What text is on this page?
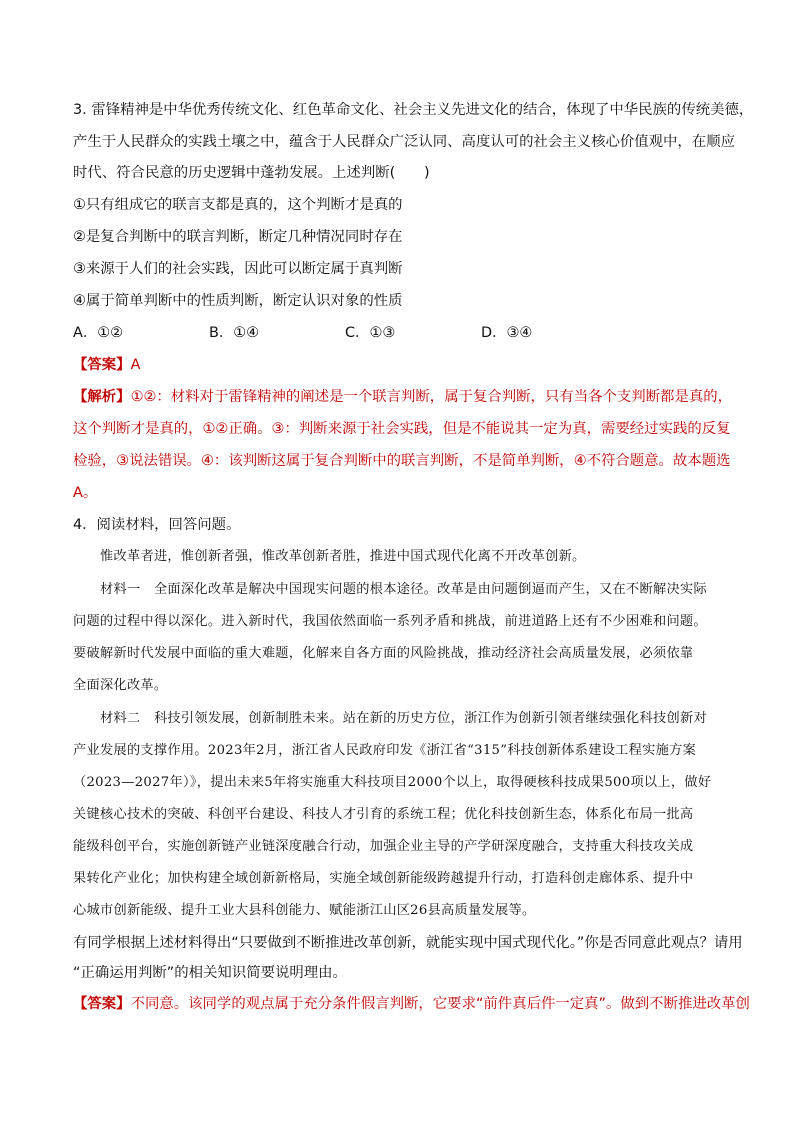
3. 雷锋精神是中华优秀传统文化、红色革命文化、社会主义先进文化的结合，体现了中华民族的传统美德，
产生于人民群众的实践土壤之中，蕴含于人民群众广泛认同、高度认可的社会主义核心价值观中，在顺应
时代、符合民意的历史逻辑中蓬勃发展。上述判断(　　)
①只有组成它的联言支都是真的，这个判断才是真的
②是复合判断中的联言判断，断定几种情况同时存在
③来源于人们的社会实践，因此可以断定属于真判断
④属于简单判断中的性质判断，断定认识对象的性质
A．①②	B．①④	C．①③	D．③④
【答案】A
【解析】①②：材料对于雷锋精神的阐述是一个联言判断，属于复合判断，只有当各个支判断都是真的，
这个判断才是真的，①②正确。③：判断来源于社会实践，但是不能说其一定为真，需要经过实践的反复
检验，③说法错误。④：该判断这属于复合判断中的联言判断，不是简单判断，④不符合题意。故本题选
A。
4．阅读材料，回答问题。
惟改革者进，惟创新者强，惟改革创新者胜，推进中国式现代化离不开改革创新。
材料一　全面深化改革是解决中国现实问题的根本途径。改革是由问题倒逼而产生，又在不断解决实际
问题的过程中得以深化。进入新时代，我国依然面临一系列矛盾和挑战，前进道路上还有不少困难和问题。
要破解新时代发展中面临的重大难题，化解来自各方面的风险挑战，推动经济社会高质量发展，必须依靠
全面深化改革。
材料二　科技引领发展，创新制胜未来。站在新的历史方位，浙江作为创新引领者继续强化科技创新对
产业发展的支撑作用。2023年2月，浙江省人民政府印发《浙江省“315”科技创新体系建设工程实施方案
（2023—2027年）》，提出未来5年将实施重大科技项目2000个以上，取得硬核科技成果500项以上，做好
关键核心技术的突破、科创平台建设、科技人才引育的系统工程；优化科技创新生态，体系化布局一批高
能级科创平台，实施创新链产业链深度融合行动，加强企业主导的产学研深度融合，支持重大科技攻关成
果转化产业化；加快构建全域创新新格局，实施全域创新能级跨越提升行动，打造科创走廊体系、提升中
心城市创新能级、提升工业大县科创能力、赋能浙江山区26县高质量发展等。
有同学根据上述材料得出“只要做到不断推进改革创新，就能实现中国式现代化。”你是否同意此观点？请用
“正确运用判断”的相关知识简要说明理由。
【答案】不同意。该同学的观点属于充分条件假言判断，它要求“前件真后件一定真”。做到不断推进改革创
